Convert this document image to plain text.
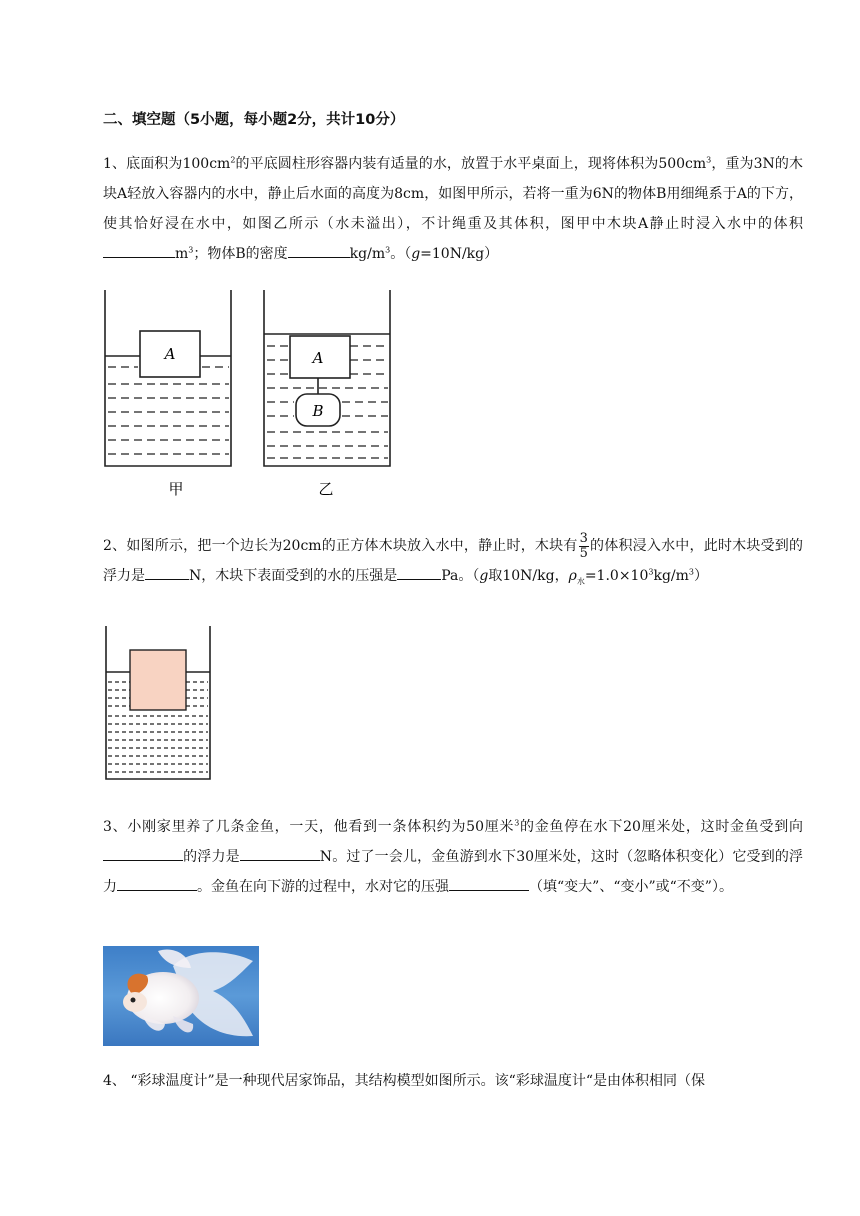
二、填空题（5小题，每小题2分，共计10分）
1、底面积为$100cm^2$的平底圆柱形容器内装有适量的水，放置于水平桌面上，现将体积为$500cm^3$，重为3N的木块A轻放入容器内的水中，静止后水面的高度为8cm，如图甲所示，若将一重为6N的物体B用细绳系于A的下方，使其恰好浸在水中，如图乙所示（水未溢出），不计绳重及其体积，图甲中木块A静止时浸入水中的体积$m^3$；物体B的密度	$kg/m^3$。（g=10N/kg）
A	A
B
甲	乙
2、如图所示，把一个边长为20cm的正方体木块放入水中，静止时，木块有 $\frac{3}{5}$ 的体积浸入水中，此时木块受到的浮力是	N，木块下表面受到的水的压强是	Pa。（g取10N/kg，$\rho_水=1.0\times 10^3kg/m^3$）
3、小刚家里养了几条金鱼，一天，他看到一条体积约为50厘米$^3$的金鱼停在水下20厘米处，这时金鱼受到向的浮力是	N。过了一会儿，金鱼游到水下30厘米处，这时（忽略体积变化）它受到的浮力	。金鱼在向下游的过程中，水对它的压强	（填“变大”、“变小”或“不变”）。
4、 “彩球温度计”是一种现代居家饰品，其结构模型如图所示。该“彩球温度计“是由体积相同（保
